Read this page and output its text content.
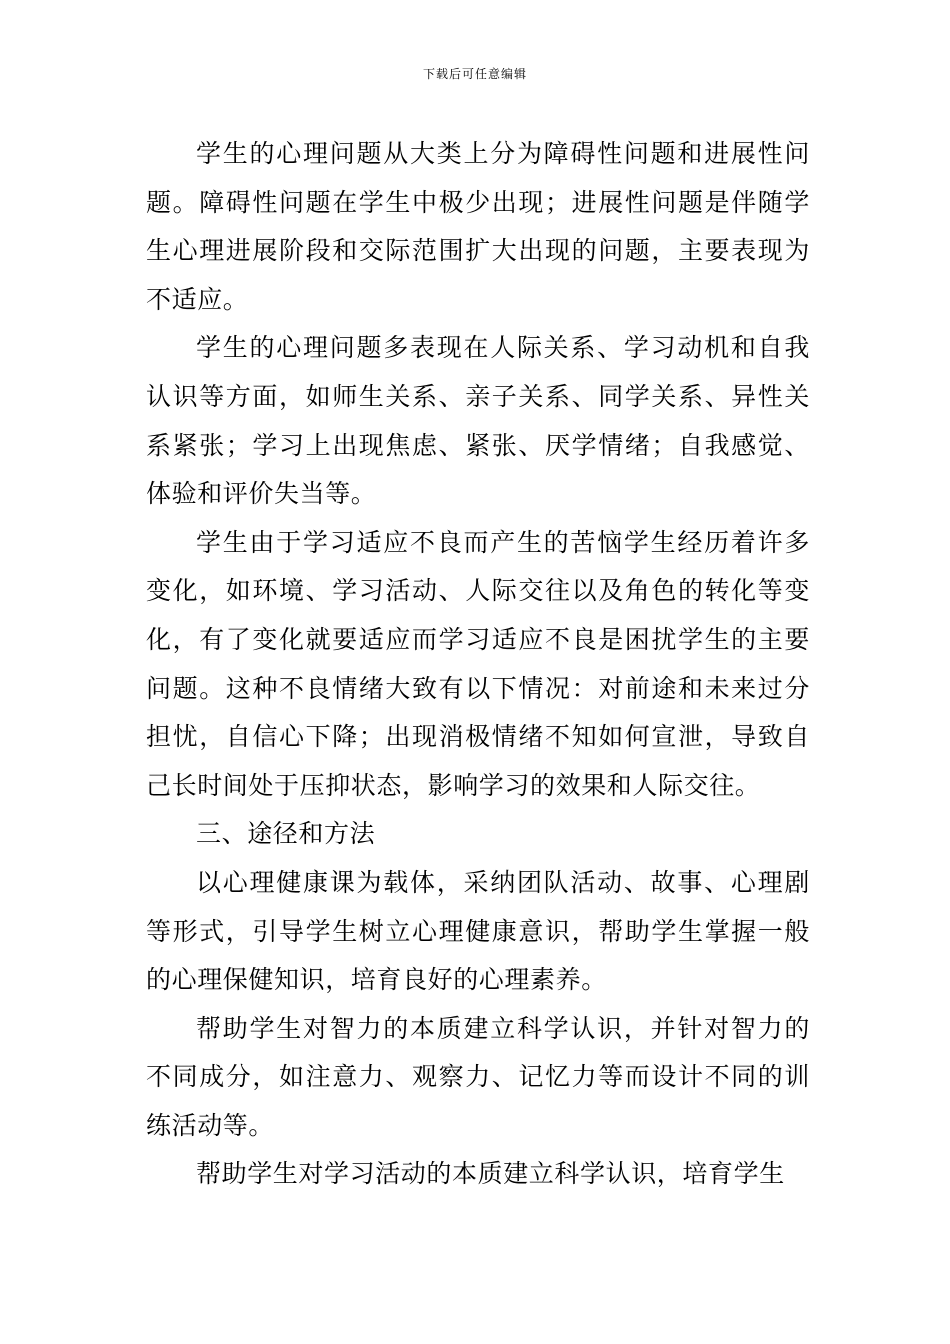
下载后可任意编辑

学生的心理问题从大类上分为障碍性问题和进展性问题。障碍性问题在学生中极少出现；进展性问题是伴随学生心理进展阶段和交际范围扩大出现的问题，主要表现为不适应。

学生的心理问题多表现在人际关系、学习动机和自我认识等方面，如师生关系、亲子关系、同学关系、异性关系紧张；学习上出现焦虑、紧张、厌学情绪；自我感觉、体验和评价失当等。

学生由于学习适应不良而产生的苦恼学生经历着许多变化，如环境、学习活动、人际交往以及角色的转化等变化，有了变化就要适应而学习适应不良是困扰学生的主要问题。这种不良情绪大致有以下情况：对前途和未来过分担忧，自信心下降；出现消极情绪不知如何宣泄，导致自己长时间处于压抑状态，影响学习的效果和人际交往。

三、途径和方法

以心理健康课为载体，采纳团队活动、故事、心理剧等形式，引导学生树立心理健康意识，帮助学生掌握一般的心理保健知识，培育良好的心理素养。

帮助学生对智力的本质建立科学认识，并针对智力的不同成分，如注意力、观察力、记忆力等而设计不同的训练活动等。

帮助学生对学习活动的本质建立科学认识，培育学生
